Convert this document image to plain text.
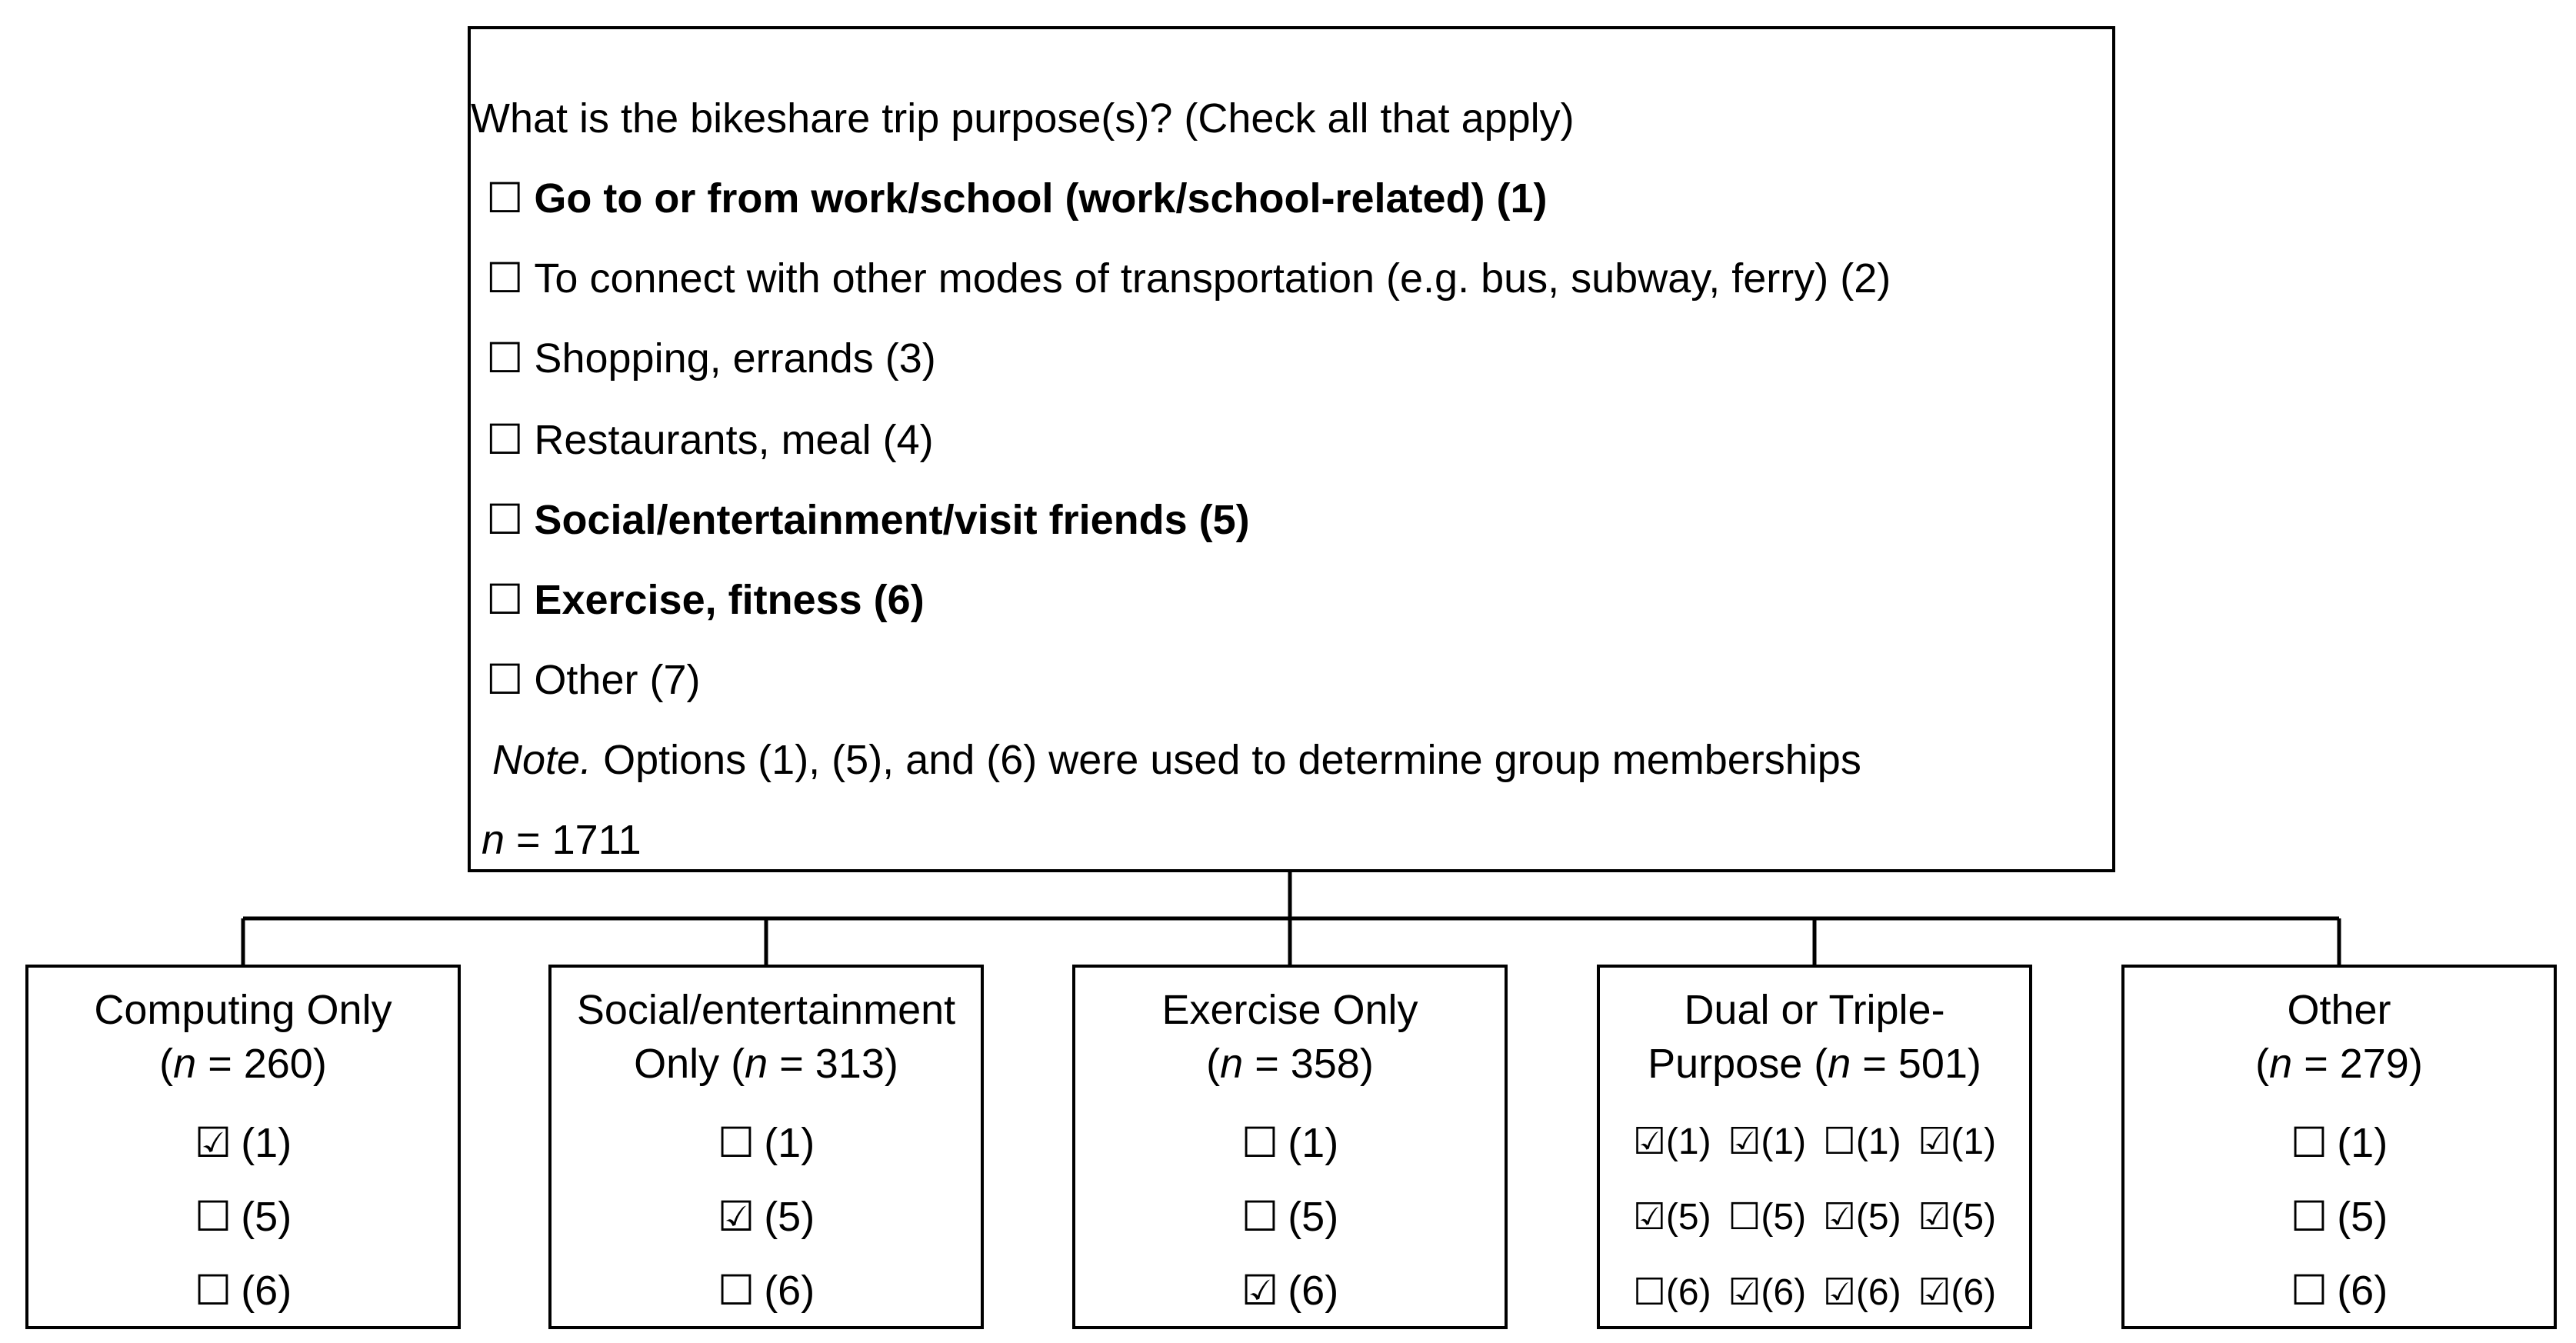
What is the bikeshare trip purpose(s)? (Check all that apply)
☐ Go to or from work/school (work/school-related) (1)
☐ To connect with other modes of transportation (e.g. bus, subway, ferry) (2)
☐ Shopping, errands (3)
☐ Restaurants, meal (4)
☐ Social/entertainment/visit friends (5)
☐ Exercise, fitness (6)
☐ Other (7)
Note. Options (1), (5), and (6) were used to determine group memberships
n = 1711
Computing Only
(n = 260)
☑ (1)
☐ (5)
☐ (6)
Social/entertainment
Only (n = 313)
☐ (1)
☑ (5)
☐ (6)
Exercise Only
(n = 358)
☐ (1)
☐ (5)
☑ (6)
Dual or Triple-
Purpose (n = 501)
☑(1) ☑(1) ☐(1) ☑(1)
☑(5) ☐(5) ☑(5) ☑(5)
☐(6) ☑(6) ☑(6) ☑(6)
Other
(n = 279)
☐ (1)
☐ (5)
☐ (6)
